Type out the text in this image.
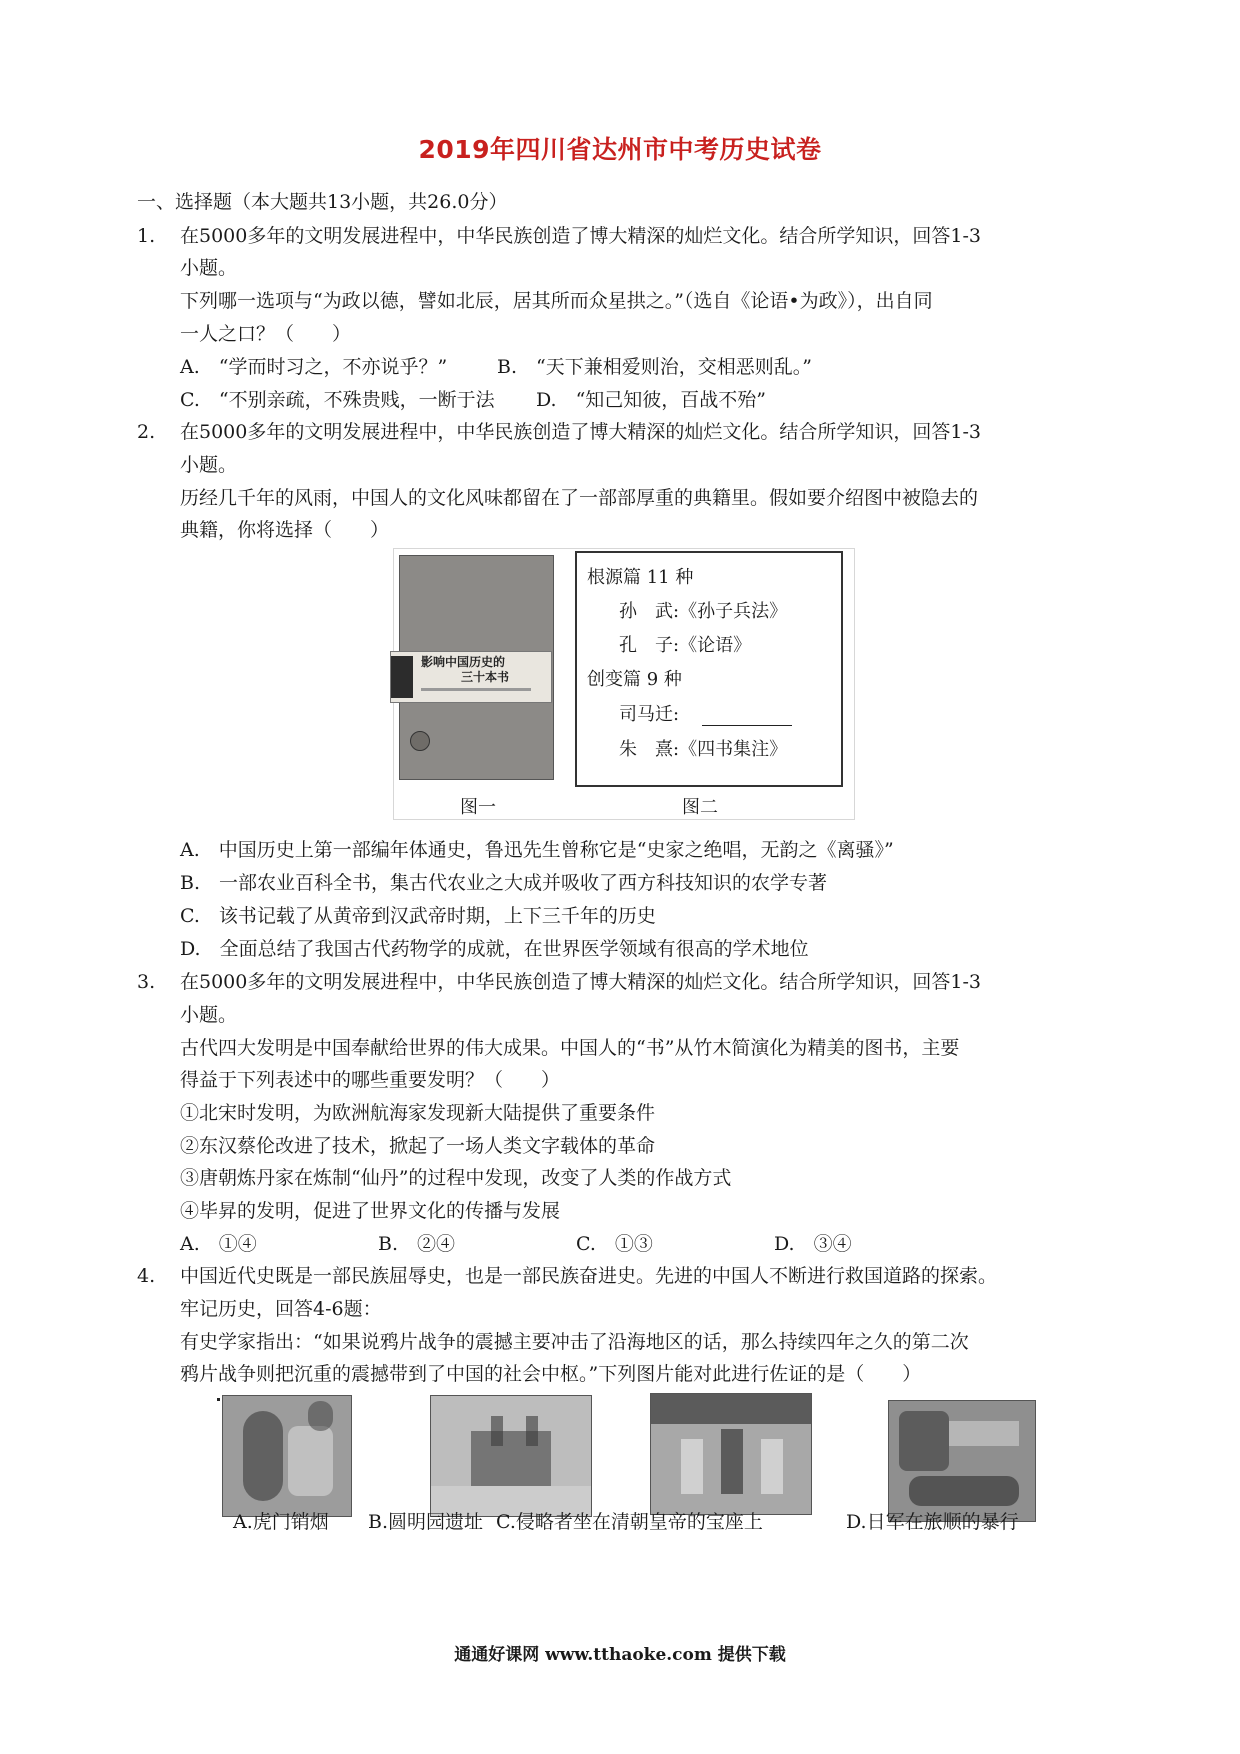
2019年四川省达州市中考历史试卷
一、选择题（本大题共13小题，共26.0分）
1. 在5000多年的文明发展进程中，中华民族创造了博大精深的灿烂文化。结合所学知识，回答1-3
小题。
下列哪一选项与“为政以德，譬如北辰，居其所而众星拱之。”（选自《论语•为政》），出自同
一人之口？（　　）
A.　“学而时习之，不亦说乎？”	B.　“天下兼相爱则治，交相恶则乱。”
C.　“不别亲疏，不殊贵贱，一断于法 D.　“知己知彼，百战不殆”
2. 在5000多年的文明发展进程中，中华民族创造了博大精深的灿烂文化。结合所学知识，回答1-3
小题。
历经几千年的风雨，中国人的文化风味都留在了一部部厚重的典籍里。假如要介绍图中被隐去的
典籍，你将选择（　　）
影响中国历史的
三十本书
图一
根源篇 11 种
孙　武:《孙子兵法》
孔　子:《论语》
创变篇 9 种
司马迁:
朱　熹:《四书集注》
图二
A.　中国历史上第一部编年体通史，鲁迅先生曾称它是“史家之绝唱，无韵之《离骚》”
B.　一部农业百科全书，集古代农业之大成并吸收了西方科技知识的农学专著
C.　该书记载了从黄帝到汉武帝时期，上下三千年的历史
D.　全面总结了我国古代药物学的成就，在世界医学领域有很高的学术地位
3. 在5000多年的文明发展进程中，中华民族创造了博大精深的灿烂文化。结合所学知识，回答1-3
小题。
古代四大发明是中国奉献给世界的伟大成果。中国人的“书”从竹木简演化为精美的图书，主要
得益于下列表述中的哪些重要发明？（　　）
①北宋时发明，为欧洲航海家发现新大陆提供了重要条件
②东汉蔡伦改进了技术，掀起了一场人类文字载体的革命
③唐朝炼丹家在炼制“仙丹”的过程中发现，改变了人类的作战方式
④毕昇的发明，促进了世界文化的传播与发展
A.　①④	B.　②④	C.　①③	D.　③④
4. 中国近代史既是一部民族屈辱史，也是一部民族奋进史。先进的中国人不断进行救国道路的探索。
牢记历史，回答4-6题：
有史学家指出：“如果说鸦片战争的震撼主要冲击了沿海地区的话，那么持续四年之久的第二次
鸦片战争则把沉重的震撼带到了中国的社会中枢。”下列图片能对此进行佐证的是（　　）
A.虎门销烟 B.圆明园遗址 C.侵略者坐在清朝皇帝的宝座上	D.日军在旅顺的暴行
通通好课网 www.tthaoke.com 提供下载
